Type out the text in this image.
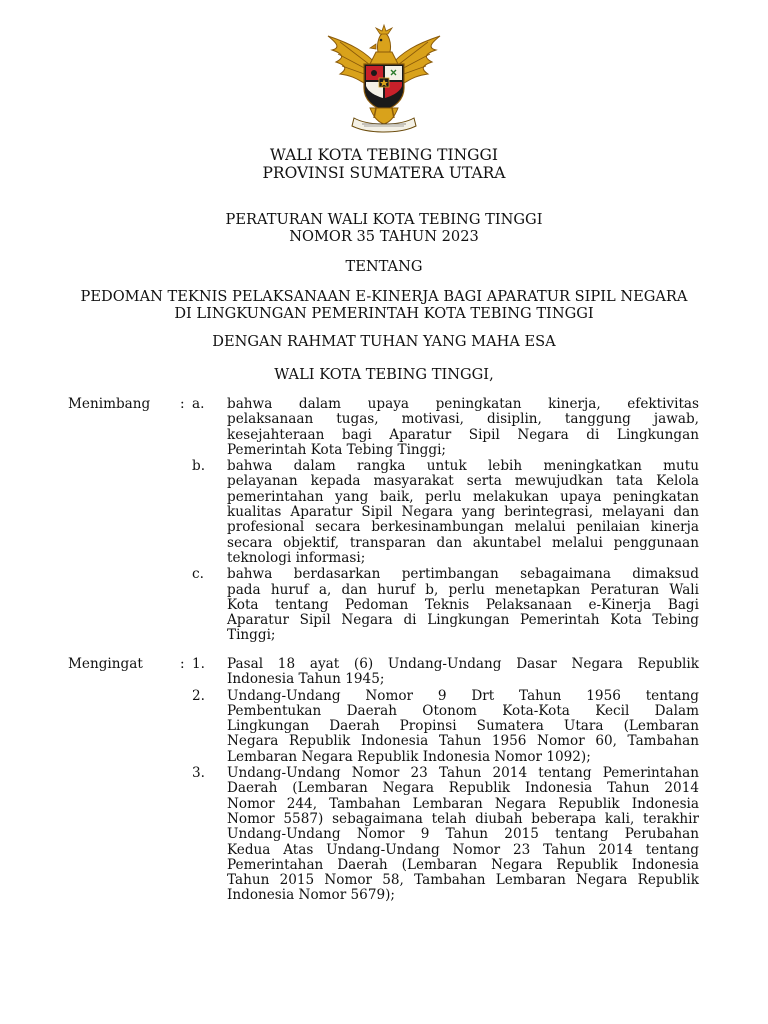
WALI KOTA TEBING TINGGI
PROVINSI SUMATERA UTARA
PERATURAN WALI KOTA TEBING TINGGI
NOMOR 35 TAHUN 2023
TENTANG
PEDOMAN TEKNIS PELAKSANAAN E-KINERJA BAGI APARATUR SIPIL NEGARA
DI LINGKUNGAN PEMERINTAH KOTA TEBING TINGGI
DENGAN RAHMAT TUHAN YANG MAHA ESA
WALI KOTA TEBING TINGGI,
Menimbang	: a. bahwa dalam upaya peningkatan kinerja, efektivitas
pelaksanaan tugas, motivasi, disiplin, tanggung jawab,
kesejahteraan bagi Aparatur Sipil Negara di Lingkungan
Pemerintah Kota Tebing Tinggi;
b. bahwa dalam rangka untuk lebih meningkatkan mutu
pelayanan kepada masyarakat serta mewujudkan tata Kelola
pemerintahan yang baik, perlu melakukan upaya peningkatan
kualitas Aparatur Sipil Negara yang berintegrasi, melayani dan
profesional secara berkesinambungan melalui penilaian kinerja
secara objektif, transparan dan akuntabel melalui penggunaan
teknologi informasi;
c. bahwa berdasarkan pertimbangan sebagaimana dimaksud
pada huruf a, dan huruf b, perlu menetapkan Peraturan Wali
Kota tentang Pedoman Teknis Pelaksanaan e-Kinerja Bagi
Aparatur Sipil Negara di Lingkungan Pemerintah Kota Tebing
Tinggi;
Mengingat	: 1. Pasal 18 ayat (6) Undang-Undang Dasar Negara Republik
Indonesia Tahun 1945;
2. Undang-Undang Nomor 9 Drt Tahun 1956 tentang
Pembentukan Daerah Otonom Kota-Kota Kecil Dalam
Lingkungan Daerah Propinsi Sumatera Utara (Lembaran
Negara Republik Indonesia Tahun 1956 Nomor 60, Tambahan
Lembaran Negara Republik Indonesia Nomor 1092);
3. Undang-Undang Nomor 23 Tahun 2014 tentang Pemerintahan
Daerah (Lembaran Negara Republik Indonesia Tahun 2014
Nomor 244, Tambahan Lembaran Negara Republik Indonesia
Nomor 5587) sebagaimana telah diubah beberapa kali, terakhir
Undang-Undang Nomor 9 Tahun 2015 tentang Perubahan
Kedua Atas Undang-Undang Nomor 23 Tahun 2014 tentang
Pemerintahan Daerah (Lembaran Negara Republik Indonesia
Tahun 2015 Nomor 58, Tambahan Lembaran Negara Republik
Indonesia Nomor 5679);
